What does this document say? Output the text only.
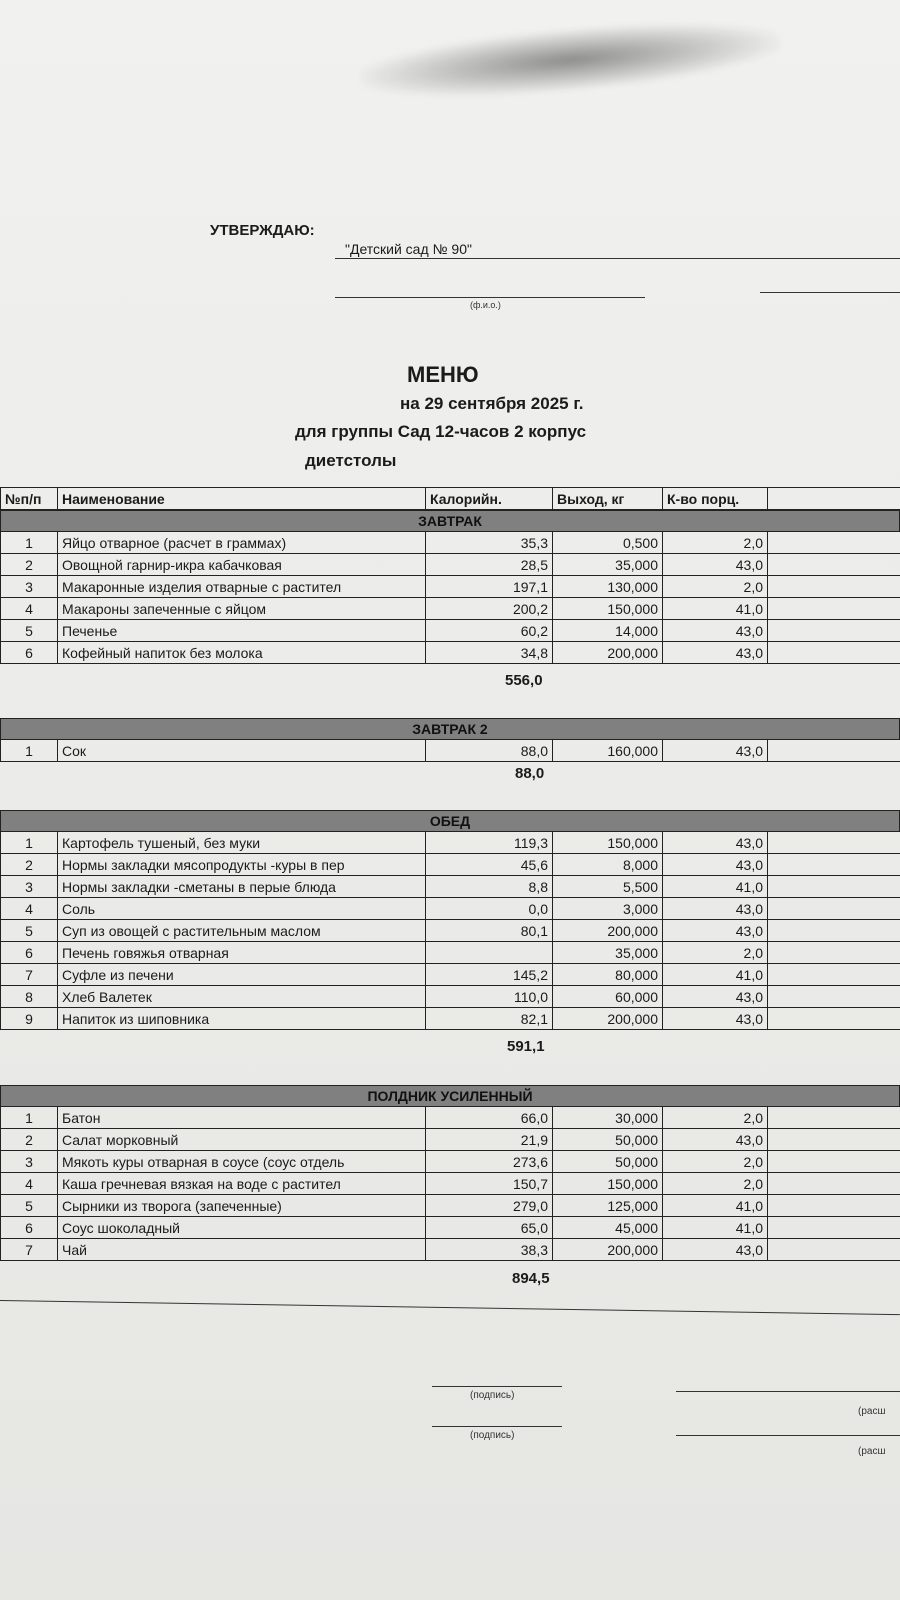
УТВЕРЖДАЮ:
"Детский сад № 90"
(ф.и.о.)
МЕНЮ
на 29 сентября 2025 г.
для группы Сад 12-часов 2 корпус
диетстолы
№п/п	Наименование	Калорийн.	Выход, кг	К-во порц.	
ЗАВТРАК					
1	Яйцо отварное (расчет в граммах)	35,3	0,500	2,0	
2	Овощной гарнир-икра кабачковая	28,5	35,000	43,0	
3	Макаронные изделия отварные с растител	197,1	130,000	2,0	
4	Макароны запеченные с яйцом	200,2	150,000	41,0	
5	Печенье	60,2	14,000	43,0	
6	Кофейный напиток без молока	34,8	200,000	43,0	
556,0
ЗАВТРАК 2
1	Сок	88,0	160,000	43,0	
88,0
ОБЕД					
1	Картофель тушеный, без муки	119,3	150,000	43,0	
2	Нормы закладки мясопродукты -куры в пер	45,6	8,000	43,0	
3	Нормы закладки -сметаны в перые блюда	8,8	5,500	41,0	
4	Соль	0,0	3,000	43,0	
5	Суп из овощей с растительным маслом	80,1	200,000	43,0	
6	Печень говяжья отварная		35,000	2,0	
7	Суфле из печени	145,2	80,000	41,0	
8	Хлеб Валетек	110,0	60,000	43,0	
9	Напиток из шиповника	82,1	200,000	43,0	
591,1
ПОЛДНИК УСИЛЕННЫЙ					
1	Батон	66,0	30,000	2,0	
2	Салат морковный	21,9	50,000	43,0	
3	Мякоть куры отварная в соусе (соус отдель	273,6	50,000	2,0	
4	Каша гречневая вязкая на воде с растител	150,7	150,000	2,0	
5	Сырники из творога (запеченные)	279,0	125,000	41,0	
6	Соус шоколадный	65,0	45,000	41,0	
7	Чай	38,3	200,000	43,0	
894,5
(подпись)
(расш
(подпись)
(расш
